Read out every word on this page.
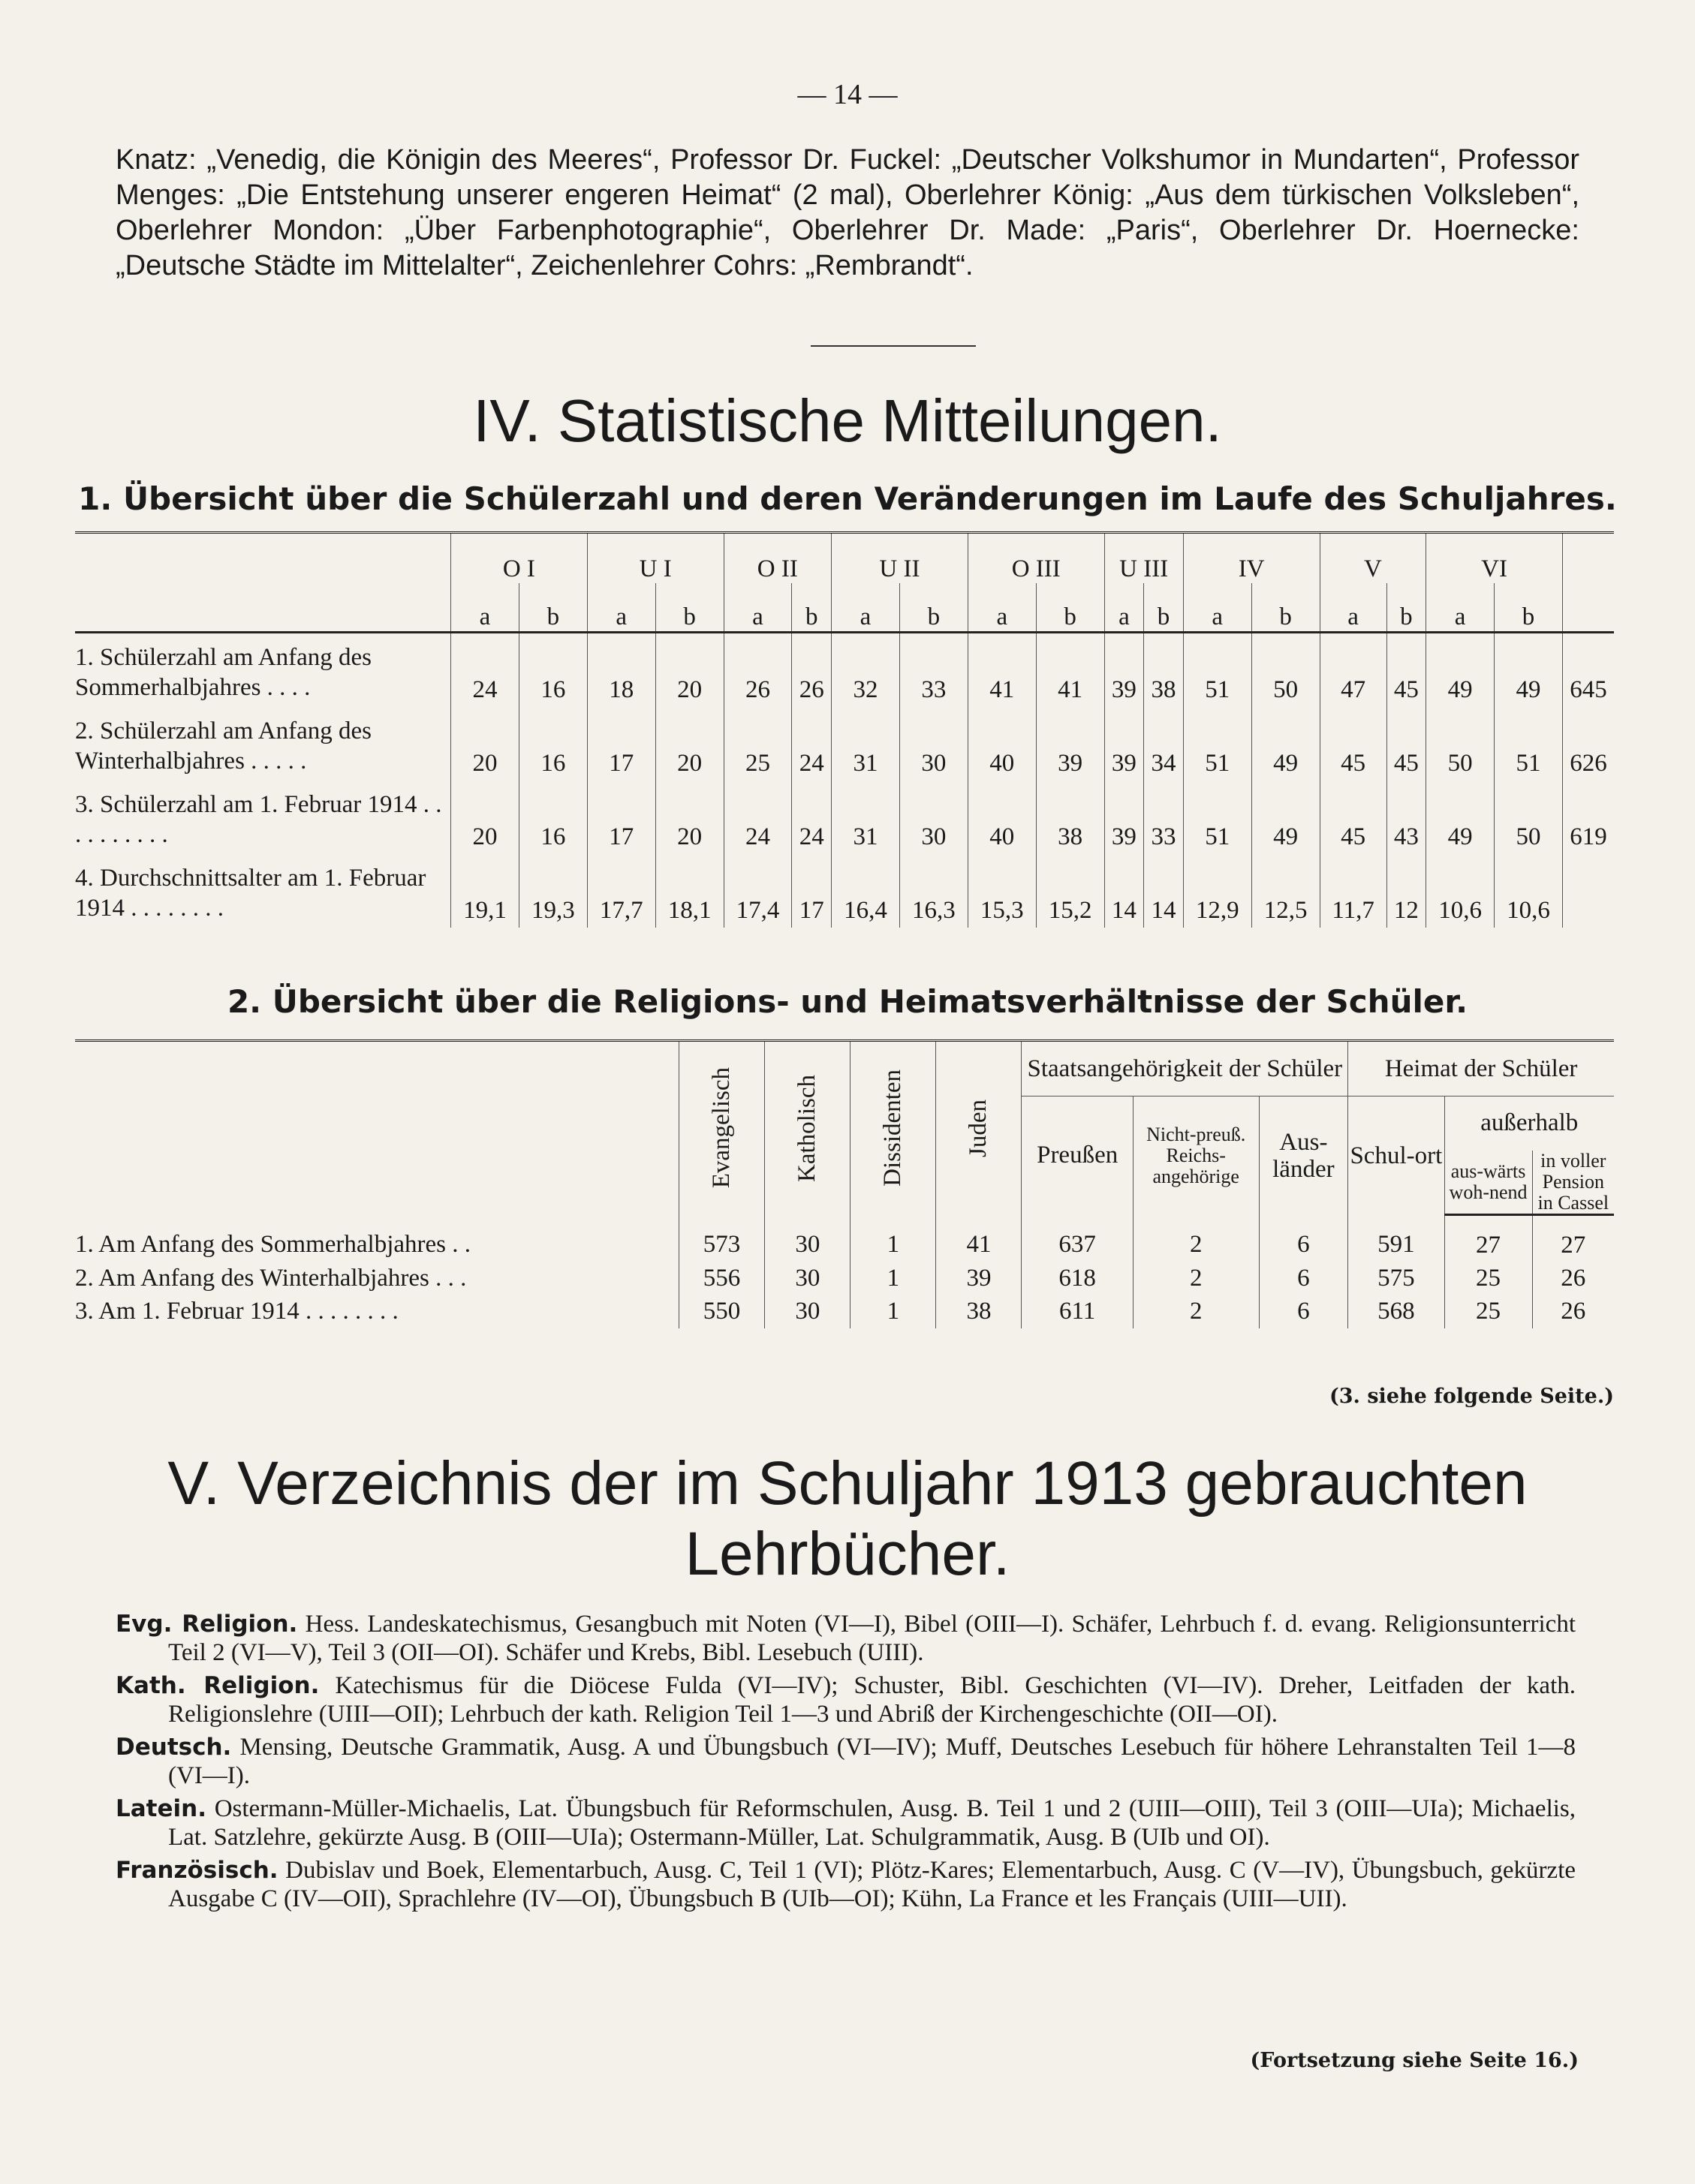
— 14 —

Knatz: „Venedig, die Königin des Meeres“, Professor Dr. Fuckel: „Deutscher Volkshumor in Mundarten“, Professor Menges: „Die Entstehung unserer engeren Heimat“ (2 mal), Oberlehrer König: „Aus dem türkischen Volksleben“, Oberlehrer Mondon: „Über Farbenphotographie“, Oberlehrer Dr. Made: „Paris“, Oberlehrer Dr. Hoernecke: „Deutsche Städte im Mittelalter“, Zeichenlehrer Cohrs: „Rembrandt“.

IV. Statistische Mitteilungen.
1. Übersicht über die Schülerzahl und deren Veränderungen im Laufe des Schuljahres.
	O I		U I		O II		U II		O III		U III		IV		V		VI		
	a	b	a	b	a	b	a	b	a	b	a	b	a	b	a	b	a	b	
1. Schülerzahl am Anfang des Sommerhalbjahres . . . .	24	16	18	20	26	26	32	33	41	41	39	38	51	50	47	45	49	49	645
2. Schülerzahl am Anfang des Winterhalbjahres . . . . .	20	16	17	20	25	24	31	30	40	39	39	34	51	49	45	45	50	51	626
3. Schülerzahl am 1. Februar 1914 . . . . . . . . . .	20	16	17	20	24	24	31	30	40	38	39	33	51	49	45	43	49	50	619
4. Durchschnittsalter am 1. Februar 1914 . . . . . . . .	19,1	19,3	17,7	18,1	17,4	17	16,4	16,3	15,3	15,2	14	14	12,9	12,5	11,7	12	10,6	10,6	
2. Übersicht über die Religions- und Heimatsverhältnisse der Schüler.

	Evangelisch	Katholisch	Dissidenten	Juden	Staatsangehörigkeit der Schüler			Heimat der Schüler		
					Preußen	Nicht-preuß. Reichs-angehörige	Aus-länder	Schul-ort	außerhalb	
									aus-wärts woh-nend	in voller Pension in Cassel
1. Am Anfang des Sommerhalbjahres . .	573	30	1	41	637	2	6	591	27	27
2. Am Anfang des Winterhalbjahres . . .	556	30	1	39	618	2	6	575	25	26
3. Am 1. Februar 1914 . . . . . . . .	550	30	1	38	611	2	6	568	25	26
(3. siehe folgende Seite.)
V. Verzeichnis der im Schuljahr 1913 gebrauchten Lehrbücher.

Evg. Religion. Hess. Landeskatechismus, Gesangbuch mit Noten (VI—I), Bibel (OIII—I). Schäfer, Lehrbuch f. d. evang. Religionsunterricht Teil 2 (VI—V), Teil 3 (OII—OI). Schäfer und Krebs, Bibl. Lesebuch (UIII).

Kath. Religion. Katechismus für die Diöcese Fulda (VI—IV); Schuster, Bibl. Geschichten (VI—IV). Dreher, Leitfaden der kath. Religionslehre (UIII—OII); Lehrbuch der kath. Religion Teil 1—3 und Abriß der Kirchengeschichte (OII—OI).

Deutsch. Mensing, Deutsche Grammatik, Ausg. A und Übungsbuch (VI—IV); Muff, Deutsches Lesebuch für höhere Lehranstalten Teil 1—8 (VI—I).

Latein. Ostermann-Müller-Michaelis, Lat. Übungsbuch für Reformschulen, Ausg. B. Teil 1 und 2 (UIII—OIII), Teil 3 (OIII—UIa); Michaelis, Lat. Satzlehre, gekürzte Ausg. B (OIII—UIa); Ostermann-Müller, Lat. Schulgrammatik, Ausg. B (UIb und OI).

Französisch. Dubislav und Boek, Elementarbuch, Ausg. C, Teil 1 (VI); Plötz-Kares; Elementarbuch, Ausg. C (V—IV), Übungsbuch, gekürzte Ausgabe C (IV—OII), Sprachlehre (IV—OI), Übungsbuch B (UIb—OI); Kühn, La France et les Français (UIII—UII).

(Fortsetzung siehe Seite 16.)
